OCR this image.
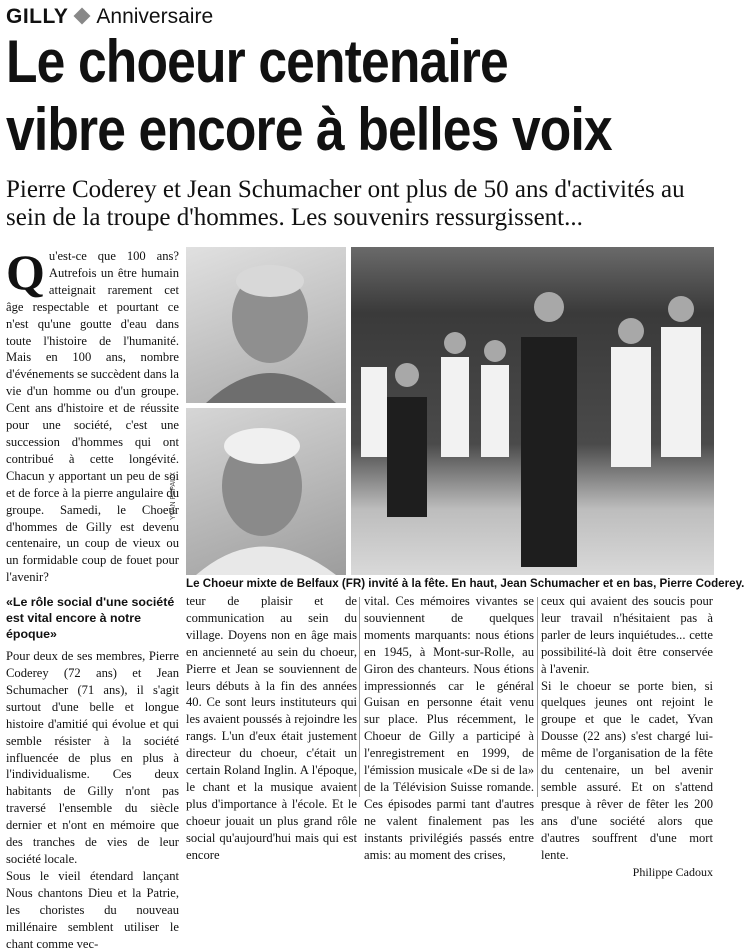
GILLY Anniversaire
Le choeur centenaire
vibre encore à belles voix
Pierre Coderey et Jean Schumacher ont plus de 50 ans d'activités au sein de la troupe d'hommes. Les souvenirs ressurgissent...

Qu'est-ce que 100 ans? Autrefois un être humain atteignait rarement cet âge respectable et pourtant ce n'est qu'une goutte d'eau dans toute l'histoire de l'humanité. Mais en 100 ans, nombre d'événements se succèdent dans la vie d'un homme ou d'un groupe. Cent ans d'histoire et de réussite pour une société, c'est une succession d'hommes qui ont contribué à cette longévité. Chacun y apportant un peu de soi et de force à la pierre angulaire du groupe. Samedi, le Choeur d'hommes de Gilly est devenu centenaire, un coup de vieux ou un formidable coup de fouet pour l'avenir?

«Le rôle social d'une société est vital encore à notre époque»

Pour deux de ses membres, Pierre Coderey (72 ans) et Jean Schumacher (71 ans), il s'agit surtout d'une belle et longue histoire d'amitié qui évolue et qui semble résister à la société influencée de plus en plus à l'individualisme. Ces deux habitants de Gilly n'ont pas traversé l'ensemble du siècle dernier et n'ont en mémoire que des tranches de vies de leur société locale.

Sous le vieil étendard lançant Nous chantons Dieu et la Patrie, les choristes du nouveau millénaire semblent utiliser le chant comme vec-

YVAN PAPAUX
Le Choeur mixte de Belfaux (FR) invité à la fête. En haut, Jean Schumacher et en bas, Pierre Coderey.

teur de plaisir et de communication au sein du village. Doyens non en âge mais en ancienneté au sein du choeur, Pierre et Jean se souviennent de leurs débuts à la fin des années 40. Ce sont leurs instituteurs qui les avaient poussés à rejoindre les rangs. L'un d'eux était justement directeur du choeur, c'était un certain Roland Inglin. A l'époque, le chant et la musique avaient plus d'importance à l'école. Et le choeur jouait un plus grand rôle social qu'aujourd'hui mais qui est encore

vital. Ces mémoires vivantes se souviennent de quelques moments marquants: nous étions en 1945, à Mont-sur-Rolle, au Giron des chanteurs. Nous étions impressionnés car le général Guisan en personne était venu sur place. Plus récemment, le Choeur de Gilly a participé à l'enregistrement en 1999, de l'émission musicale «De si de la» de la Télévision Suisse romande. Ces épisodes parmi tant d'autres ne valent finalement pas les instants privilégiés passés entre amis: au moment des crises,

ceux qui avaient des soucis pour leur travail n'hésitaient pas à parler de leurs inquiétudes... cette possibilité-là doit être conservée à l'avenir.

Si le choeur se porte bien, si quelques jeunes ont rejoint le groupe et que le cadet, Yvan Dousse (22 ans) s'est chargé lui-même de l'organisation de la fête du centenaire, un bel avenir semble assuré. Et on s'attend presque à rêver de fêter les 200 ans d'une société alors que d'autres souffrent d'une mort lente.

Philippe Cadoux
